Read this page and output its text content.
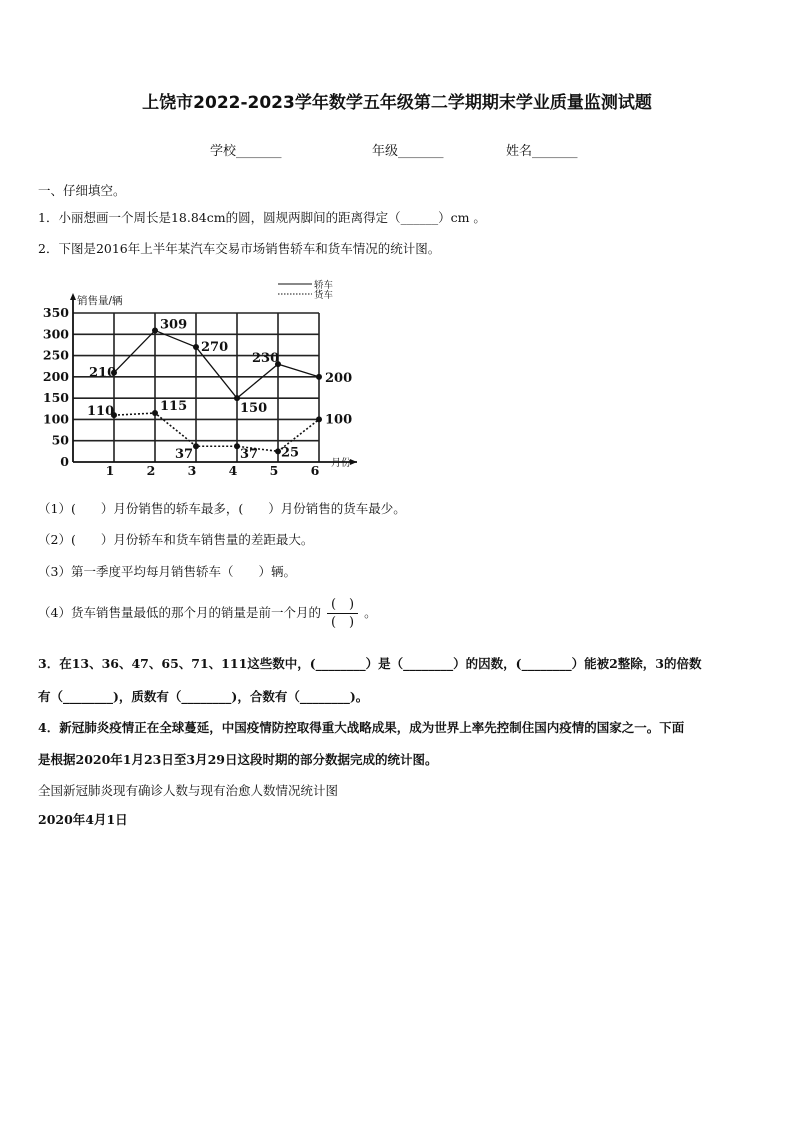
上饶市2022-2023学年数学五年级第二学期期末学业质量监测试题
学校_______	年级_______	姓名_______
一、仔细填空。
1．小丽想画一个周长是18.84cm的圆，圆规两脚间的距离得定（______）cm 。
2．下图是2016年上半年某汽车交易市场销售轿车和货车情况的统计图。
0
50
100
150
200
250
300
350
1	2	3	4	5	6
销售量/辆
月份
轿车
货车
210
309
270
150
230
200
110	115
37	37 25
100
（1）(　　）月份销售的轿车最多，(　　）月份销售的货车最少。
（2）(　　）月份轿车和货车销售量的差距最大。
（3）第一季度平均每月销售轿车（　　）辆。
（4）货车销售量最低的那个月的销量是前一个月的 $\frac{( )}{( )}$ 。
3．在13、36、47、65、71、111这些数中，(________）是（________）的因数，(________）能被2整除，3的倍数
有（________)，质数有（________)，合数有（________)。
4．新冠肺炎疫情正在全球蔓延，中国疫情防控取得重大战略成果，成为世界上率先控制住国内疫情的国家之一。下面
是根据2020年1月23日至3月29日这段时期的部分数据完成的统计图。
全国新冠肺炎现有确诊人数与现有治愈人数情况统计图
2020年4月1日
